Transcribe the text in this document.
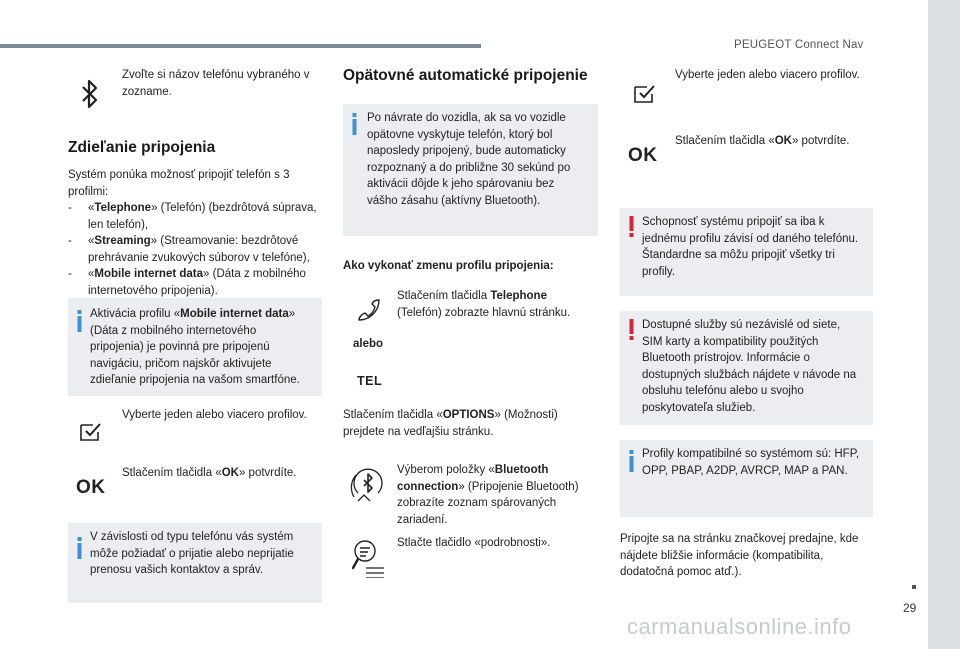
PEUGEOT Connect Nav
Zvoľte si názov telefónu vybraného v zozname.
Zdieľanie pripojenia
Systém ponúka možnosť pripojiť telefón s 3 profilmi:
- «Telephone» (Telefón) (bezdrôtová súprava, len telefón),
- «Streaming» (Streamovanie: bezdrôtové prehrávanie zvukových súborov v telefóne),
- «Mobile internet data» (Dáta z mobilného internetového pripojenia).
Aktivácia profilu «Mobile internet data» (Dáta z mobilného internetového pripojenia) je povinná pre pripojenú navigáciu, pričom najskôr aktivujete zdieľanie pripojenia na vašom smartfóne.
Vyberte jeden alebo viacero profilov.
OK
Stlačením tlačidla «OK» potvrdíte.
V závislosti od typu telefónu vás systém môže požiadať o prijatie alebo neprijatie prenosu vašich kontaktov a správ.
Opätovné automatické pripojenie
Po návrate do vozidla, ak sa vo vozidle opätovne vyskytuje telefón, ktorý bol naposledy pripojený, bude automaticky rozpoznaný a do približne 30 sekúnd po aktivácii dôjde k jeho spárovaniu bez vášho zásahu (aktívny Bluetooth).
Ako vykonať zmenu profilu pripojenia:
Stlačením tlačidla Telephone (Telefón) zobrazte hlavnú stránku.
alebo
TEL
Stlačením tlačidla «OPTIONS» (Možnosti) prejdete na vedľajšiu stránku.
Výberom položky «Bluetooth connection» (Pripojenie Bluetooth) zobrazíte zoznam spárovaných zariadení.
Stlačte tlačidlo «podrobnosti».
Vyberte jeden alebo viacero profilov.
OK
Stlačením tlačidla «OK» potvrdíte.
Schopnosť systému pripojiť sa iba k jednému profilu závisí od daného telefónu. Štandardne sa môžu pripojiť všetky tri profily.
Dostupné služby sú nezávislé od siete, SIM karty a kompatibility použitých Bluetooth prístrojov. Informácie o dostupných službách nájdete v návode na obsluhu telefónu alebo u svojho poskytovateľa služieb.
Profily kompatibilné so systémom sú: HFP, OPP, PBAP, A2DP, AVRCP, MAP a PAN.
Pripojte sa na stránku značkovej predajne, kde nájdete bližšie informácie (kompatibilita, dodatočná pomoc atď.).
29
carmanualsonline.info
